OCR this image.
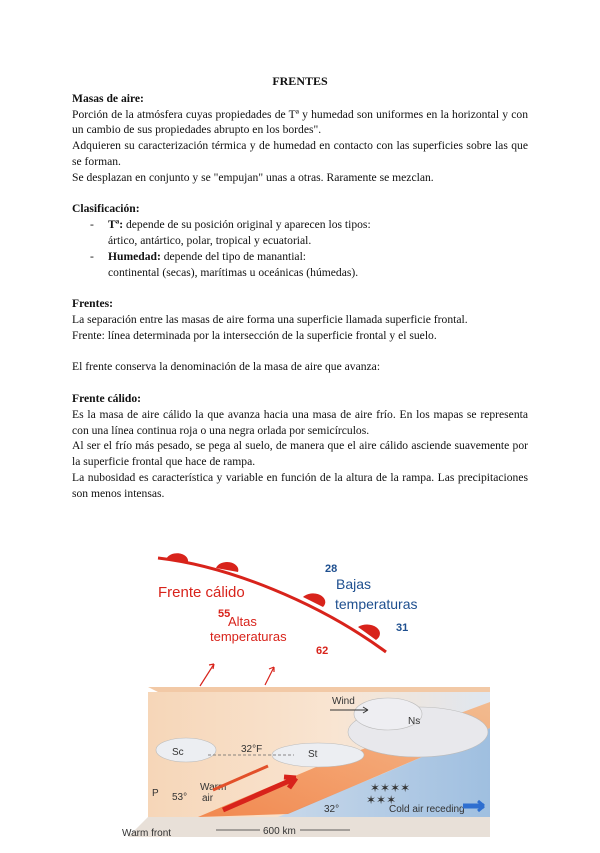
FRENTES
Masas de aire:

Porción de la atmósfera cuyas propiedades de Tª y humedad son uniformes en la horizontal y con un cambio de sus propiedades abrupto en los bordes".

Adquieren su caracterización térmica y de humedad en contacto con las superficies sobre las que se forman.

Se desplazan en conjunto y se "empujan" unas a otras. Raramente se mezclan.

Clasificación:
- Tª: depende de su posición original y aparecen los tipos:
ártico, antártico, polar, tropical y ecuatorial.
- Humedad: depende del tipo de manantial:
continental (secas), marítimas u oceánicas (húmedas).
Frentes:

La separación entre las masas de aire forma una superficie llamada superficie frontal.

Frente: línea determinada por la intersección de la superficie frontal y el suelo.

El frente conserva la denominación de la masa de aire que avanza:

Frente cálido:

Es la masa de aire cálido la que avanza hacia una masa de aire frío. En los mapas se representa con una línea continua roja o una negra orlada por semicírculos.

Al ser el frío más pesado, se pega al suelo, de manera que el aire cálido asciende suavemente por la superficie frontal que hace de rampa.

La nubosidad es característica y variable en función de la altura de la rampa. Las precipitaciones son menos intensas.

Frente cálido
55
Altas
temperaturas
62
28
Bajas
temperaturas
31
Wind
Ns
Sc	St
32°F
P 53°
Warm
air
✶✶✶✶
✶✶✶
32°	Cold air receding
Warm front	600 km
